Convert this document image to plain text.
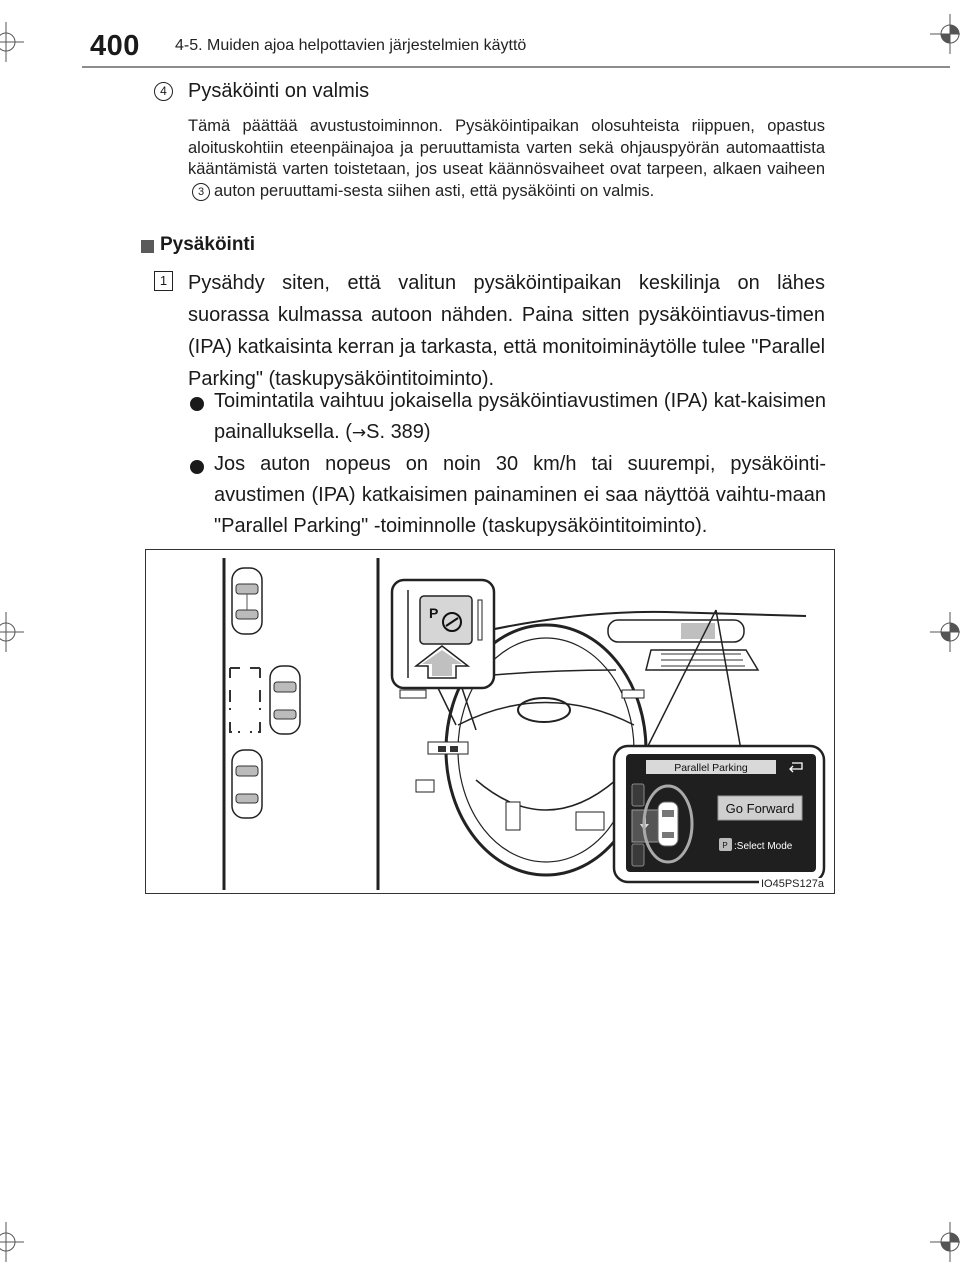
400 4-5. Muiden ajoa helpottavien järjestelmien käyttö
4	Pysäköinti on valmis
Tämä päättää avustustoiminnon. Pysäköintipaikan olosuhteista riippuen, opastus aloituskohtiin eteenpäinajoa ja peruuttamista varten sekä ohjauspyörän automaattista kääntämistä varten toistetaan, jos useat käännösvaiheet ovat tarpeen, alkaen vaiheen3 auton peruuttami-sesta siihen asti, että pysäköinti on valmis.
Pysäköinti
1 Pysähdy siten, että valitun pysäköintipaikan keskilinja on lähes suorassa kulmassa autoon nähden. Paina sitten pysäköintiavus-timen (IPA) katkaisinta kerran ja tarkasta, että monitoiminäytölle tulee "Parallel Parking" (taskupysäköintitoiminto).
Toimintatila vaihtuu jokaisella pysäköintiavustimen (IPA) kat-kaisimen painalluksella. (→S. 389)
Jos auton nopeus on noin 30 km/h tai suurempi, pysäköinti-avustimen (IPA) katkaisimen painaminen ei saa näyttöä vaihtu-maan "Parallel Parking" -toiminnolle (taskupysäköintitoiminto).
P
Parallel Parking
Go Forward
P :Select Mode
IO45PS127a
